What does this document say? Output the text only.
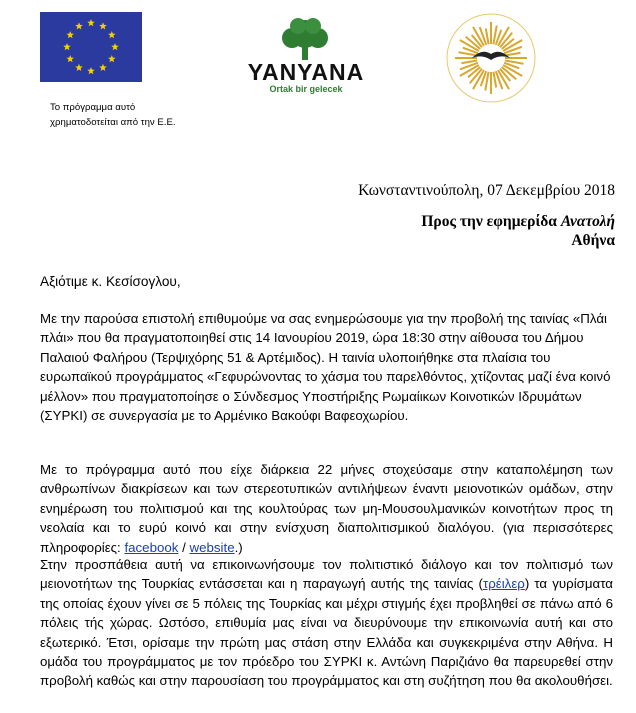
YANYANA
Ortak bir gelecek
Το πρόγραμμα αυτό
χρηματοδοτείται από την Ε.Ε.
Κωνσταντινούπολη, 07 Δεκεμβρίου 2018
Προς την εφημερίδα Ανατολή
Αθήνα
Αξιότιμε κ. Κεσίσογλου,
Με την παρούσα επιστολή επιθυμούμε να σας ενημερώσουμε για την προβολή της ταινίας «Πλάι πλάι» που θα πραγματοποιηθεί στις 14 Ιανουρίου 2019, ώρα 18:30 στην αίθουσα του Δήμου Παλαιού Φαλήρου (Τερψιχόρης 51 & Αρτέμιδος). Η ταινία υλοποιήθηκε στα πλαίσια του ευρωπαϊκού προγράμματος «Γεφυρώνοντας το χάσμα του παρελθόντος, χτίζοντας μαζί ένα κοινό μέλλον» που πραγματοποίησε ο Σύνδεσμος Υποστήριξης Ρωμαίικων Κοινοτικών Ιδρυμάτων (ΣΥΡΚΙ) σε συνεργασία με το Αρμένικο Βακούφι Βαφεοχωρίου.
Με το πρόγραμμα αυτό που είχε διάρκεια 22 μήνες στοχεύσαμε στην καταπολέμηση των ανθρωπίνων διακρίσεων και των στερεοτυπικών αντιλήψεων έναντι μειονοτικών ομάδων, στην ενημέρωση του πολιτισμού και της κουλτούρας των μη-Μουσουλμανικών κοινοτήτων προς τη νεολαία και το ευρύ κοινό και στην ενίσχυση διαπολιτισμικού διαλόγου. (για περισσότερες πληροφορίες: facebook / website.)
Στην προσπάθεια αυτή να επικοινωνήσουμε τον πολιτιστικό διάλογο και τον πολιτισμό των μειονοτήτων της Τουρκίας εντάσσεται και η παραγωγή αυτής της ταινίας (τρέιλερ) τα γυρίσματα της οποίας έχουν γίνει σε 5 πόλεις της Τουρκίας και μέχρι στιγμής έχει προβληθεί σε πάνω από 6 πόλεις τής χώρας. Ωστόσο, επιθυμία μας είναι να διευρύνουμε την επικοινωνία αυτή και στο εξωτερικό. Έτσι, ορίσαμε την πρώτη μας στάση στην Ελλάδα και συγκεκριμένα στην Αθήνα. Η ομάδα του προγράμματος με τον πρόεδρο του ΣΥΡΚΙ κ. Αντώνη Παριζιάνο θα παρευρεθεί στην προβολή καθώς και στην παρουσίαση του προγράμματος και στη συζήτηση που θα ακολουθήσει.
